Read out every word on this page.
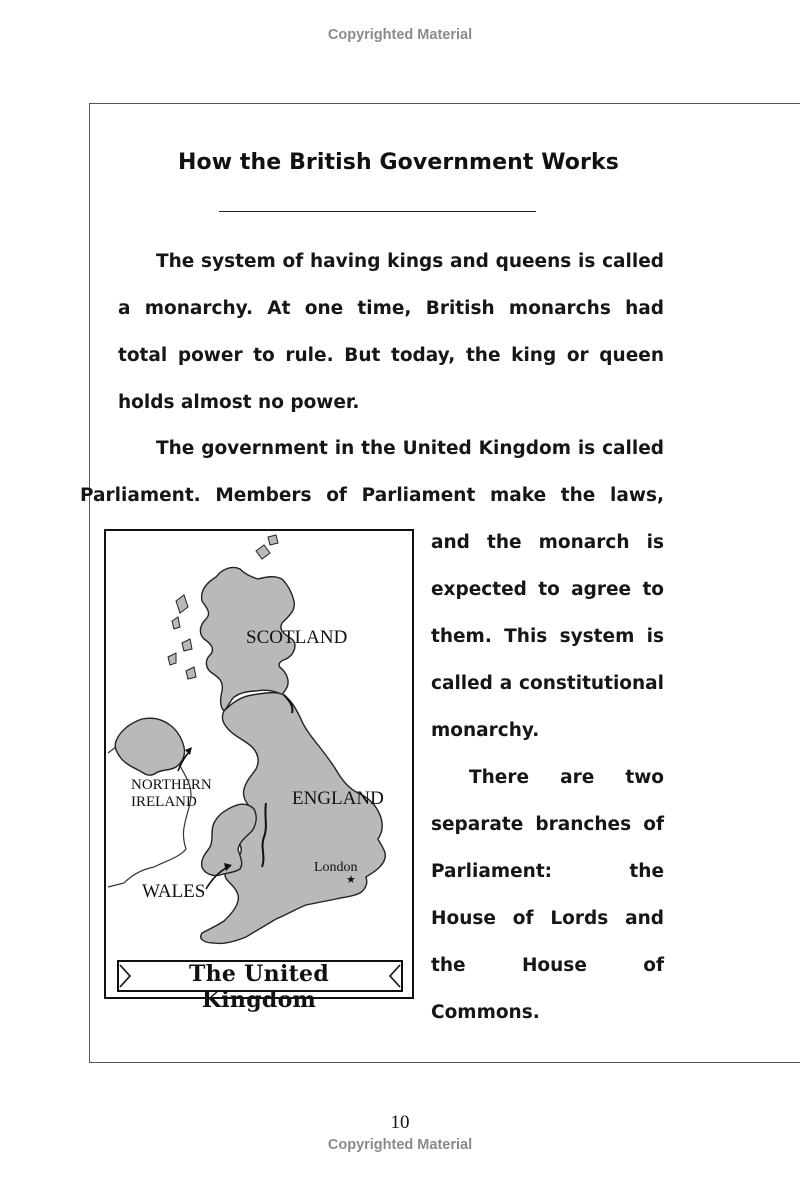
Copyrighted Material
How the British Government Works

The system of having kings and queens is called a monarchy. At one time, British monarchs had total power to rule. But today, the king or queen holds almost no power.

The government in the United Kingdom is called
Parliament. Members of Parliament make the laws,

and the monarch is expected to agree to them. This system is called a constitutional monarchy.

There are two separate branches of Parliament: the House of Lords and the House of Commons.

★
SCOTLAND
NORTHERN
IRELAND	ENGLAND
London
WALES
The United Kingdom
10
Copyrighted Material
